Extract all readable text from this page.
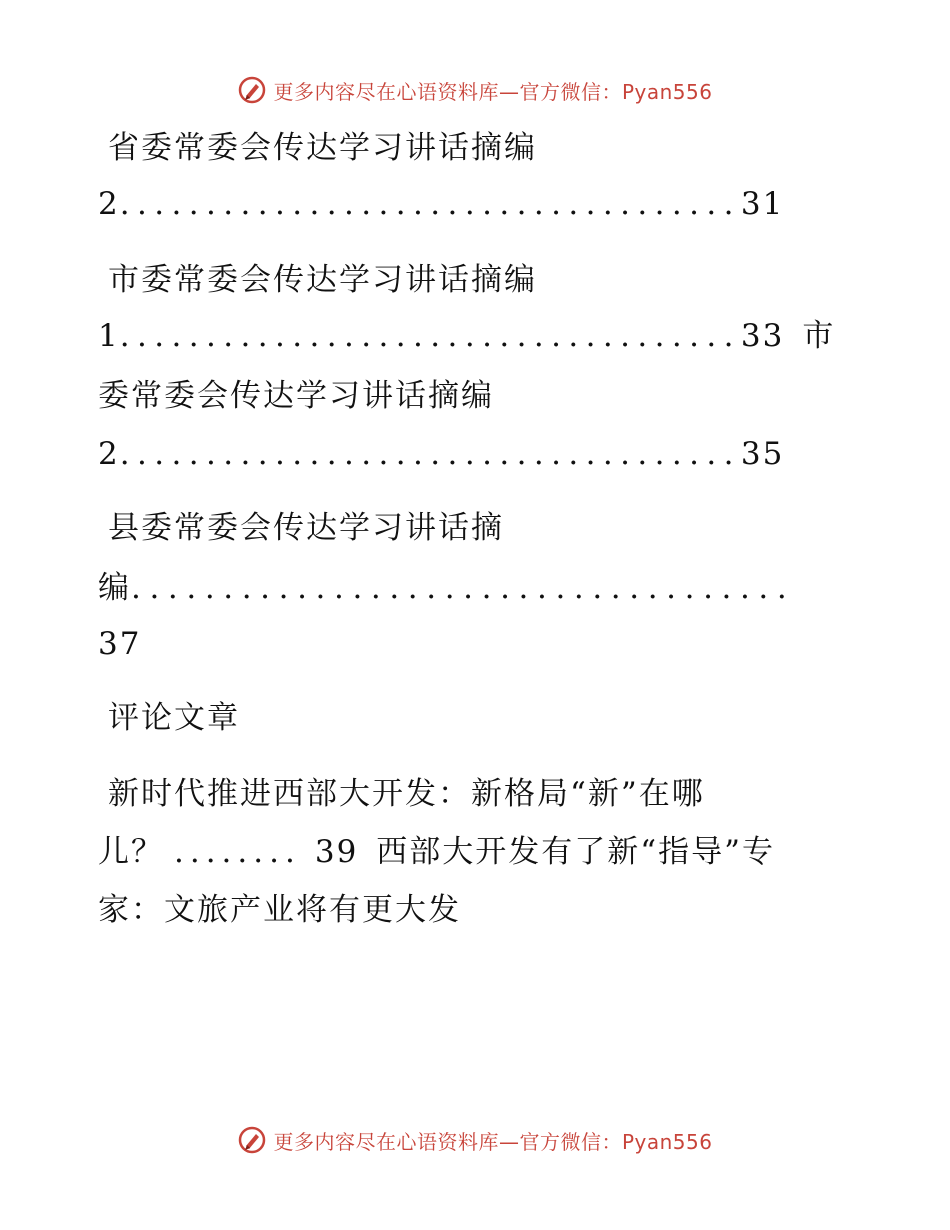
更多内容尽在心语资料库—官方微信：Pyan556
省委常委会传达学习讲话摘编
2....................................31
市委常委会传达学习讲话摘编
1....................................33 市
委常委会传达学习讲话摘编
2....................................35
县委常委会传达学习讲话摘
编....................................
37
评论文章
新时代推进西部大开发：新格局“新”在哪
儿？ ........ 39 西部大开发有了新“指导”专
家：文旅产业将有更大发
更多内容尽在心语资料库—官方微信：Pyan556
